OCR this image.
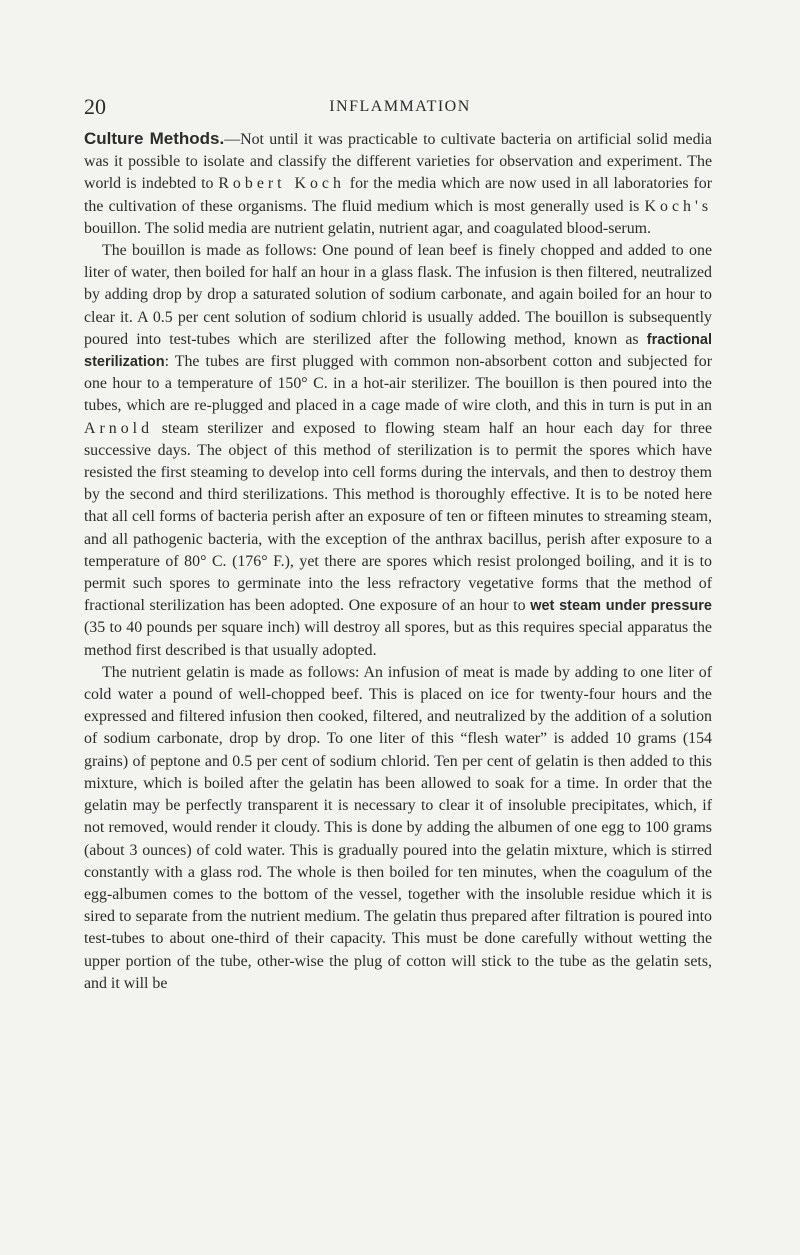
20	INFLAMMATION

Culture Methods.—Not until it was practicable to cultivate bacteria on artificial solid media was it possible to isolate and classify the different varieties for observation and experiment. The world is indebted to Robert Koch for the media which are now used in all laboratories for the cultivation of these organisms. The fluid medium which is most generally used is Koch's bouillon. The solid media are nutrient gelatin, nutrient agar, and coagulated blood-serum.

The bouillon is made as follows: One pound of lean beef is finely chopped and added to one liter of water, then boiled for half an hour in a glass flask. The infusion is then filtered, neutralized by adding drop by drop a saturated solution of sodium carbonate, and again boiled for an hour to clear it. A 0.5 per cent solution of sodium chlorid is usually added. The bouillon is subsequently poured into test-tubes which are sterilized after the following method, known as fractional sterilization: The tubes are first plugged with common non-absorbent cotton and subjected for one hour to a temperature of 150° C. in a hot-air sterilizer. The bouillon is then poured into the tubes, which are re-plugged and placed in a cage made of wire cloth, and this in turn is put in an Arnold steam sterilizer and exposed to flowing steam half an hour each day for three successive days. The object of this method of sterilization is to permit the spores which have resisted the first steaming to develop into cell forms during the intervals, and then to destroy them by the second and third sterilizations. This method is thoroughly effective. It is to be noted here that all cell forms of bacteria perish after an exposure of ten or fifteen minutes to streaming steam, and all pathogenic bacteria, with the exception of the anthrax bacillus, perish after exposure to a temperature of 80° C. (176° F.), yet there are spores which resist prolonged boiling, and it is to permit such spores to germinate into the less refractory vegetative forms that the method of fractional sterilization has been adopted. One exposure of an hour to wet steam under pressure (35 to 40 pounds per square inch) will destroy all spores, but as this requires special apparatus the method first described is that usually adopted.

The nutrient gelatin is made as follows: An infusion of meat is made by adding to one liter of cold water a pound of well-chopped beef. This is placed on ice for twenty-four hours and the expressed and filtered infusion then cooked, filtered, and neutralized by the addition of a solution of sodium carbonate, drop by drop. To one liter of this “flesh water” is added 10 grams (154 grains) of peptone and 0.5 per cent of sodium chlorid. Ten per cent of gelatin is then added to this mixture, which is boiled after the gelatin has been allowed to soak for a time. In order that the gelatin may be perfectly transparent it is necessary to clear it of insoluble precipitates, which, if not removed, would render it cloudy. This is done by adding the albumen of one egg to 100 grams (about 3 ounces) of cold water. This is gradually poured into the gelatin mixture, which is stirred constantly with a glass rod. The whole is then boiled for ten minutes, when the coagulum of the egg-albumen comes to the bottom of the vessel, together with the insoluble residue which it is sired to separate from the nutrient medium. The gelatin thus prepared after filtration is poured into test-tubes to about one-third of their capacity. This must be done carefully without wetting the upper portion of the tube, other-wise the plug of cotton will stick to the tube as the gelatin sets, and it will be
